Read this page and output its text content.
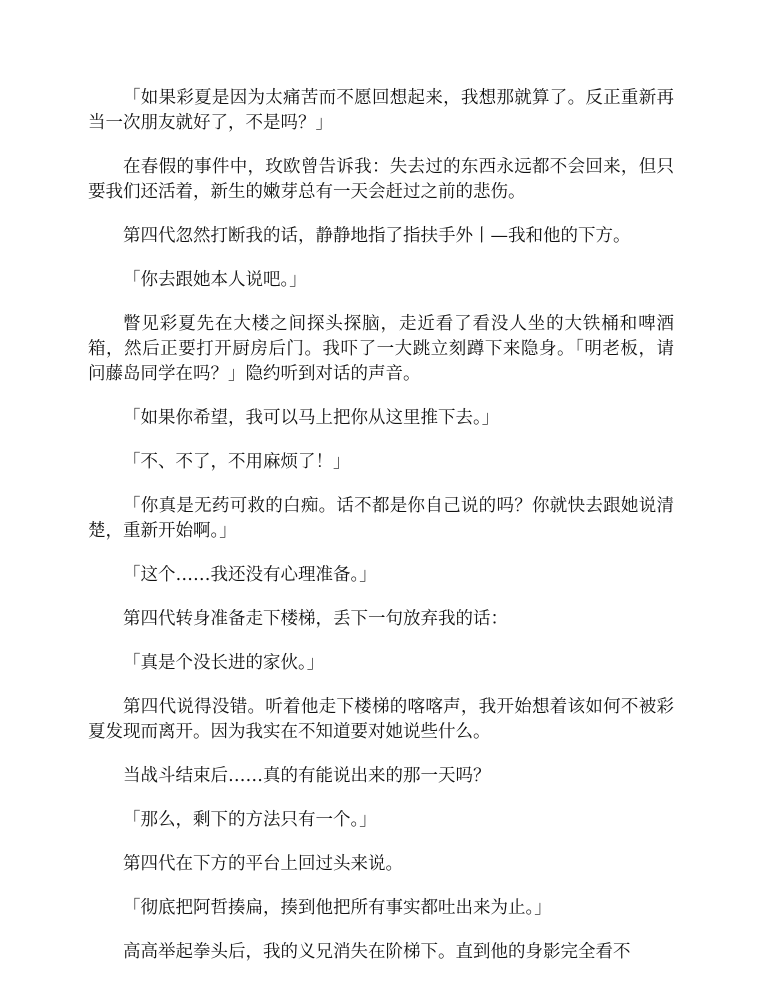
「如果彩夏是因为太痛苦而不愿回想起来，我想那就算了。反正重新再当一次朋友就好了，不是吗？」

在春假的事件中，玫欧曾告诉我：失去过的东西永远都不会回来，但只要我们还活着，新生的嫩芽总有一天会赶过之前的悲伤。

第四代忽然打断我的话，静静地指了指扶手外丨—我和他的下方。

「你去跟她本人说吧。」

瞥见彩夏先在大楼之间探头探脑，走近看了看没人坐的大铁桶和啤酒箱，然后正要打开厨房后门。我吓了一大跳立刻蹲下来隐身。「明老板，请问藤岛同学在吗？」隐约听到对话的声音。

「如果你希望，我可以马上把你从这里推下去。」

「不、不了，不用麻烦了！」

「你真是无药可救的白痴。话不都是你自己说的吗？你就快去跟她说清楚，重新开始啊。」

「这个……我还没有心理准备。」

第四代转身准备走下楼梯，丢下一句放弃我的话：

「真是个没长进的家伙。」

第四代说得没错。听着他走下楼梯的喀喀声，我开始想着该如何不被彩夏发现而离开。因为我实在不知道要对她说些什么。

当战斗结束后……真的有能说出来的那一天吗？

「那么，剩下的方法只有一个。」

第四代在下方的平台上回过头来说。

「彻底把阿哲揍扁，揍到他把所有事实都吐出来为止。」

高高举起拳头后，我的义兄消失在阶梯下。直到他的身影完全看不
